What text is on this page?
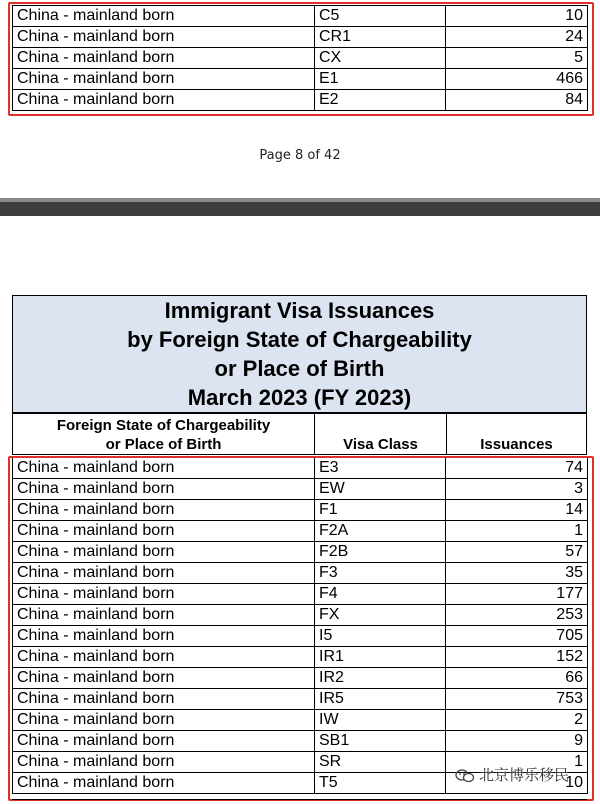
China - mainland born	C5	10
China - mainland born	CR1	24
China - mainland born	CX	5
China - mainland born	E1	466
China - mainland born	E2	84
Page 8 of 42
Immigrant Visa Issuances
by Foreign State of Chargeability
or Place of Birth
March 2023 (FY 2023)
Foreign State of Chargeability
or Place of Birth	Visa Class	Issuances
China - mainland born	E3	74
China - mainland born	EW	3
China - mainland born	F1	14
China - mainland born	F2A	1
China - mainland born	F2B	57
China - mainland born	F3	35
China - mainland born	F4	177
China - mainland born	FX	253
China - mainland born	I5	705
China - mainland born	IR1	152
China - mainland born	IR2	66
China - mainland born	IR5	753
China - mainland born	IW	2
China - mainland born	SB1	9
China - mainland born	SR	1
China - mainland born	T5	10
北京博乐移民
